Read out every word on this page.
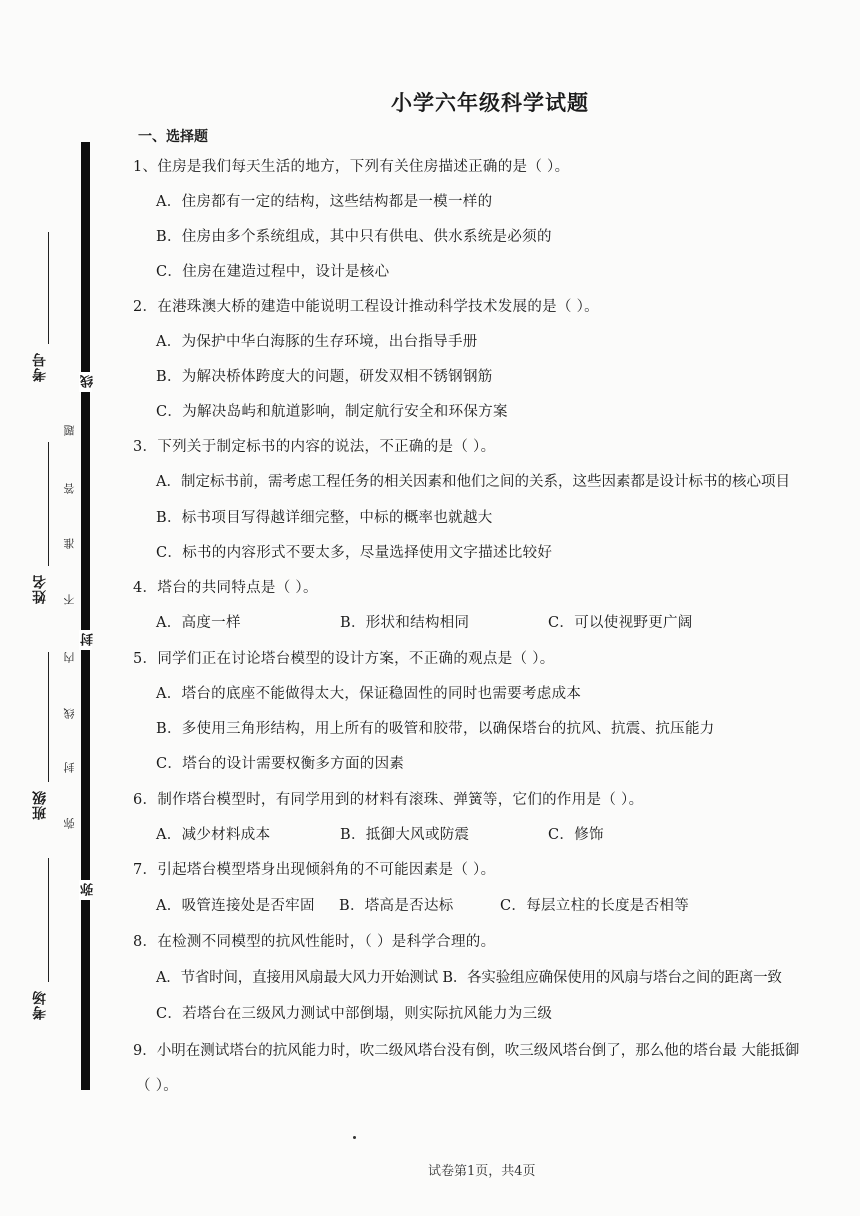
线
封
弥
考号
姓名
班级
考场
题
答
准
不
内
线
封
弥
小学六年级科学试题
一、选择题
1、住房是我们每天生活的地方，下列有关住房描述正确的是（ ）。
A．住房都有一定的结构，这些结构都是一模一样的
B．住房由多个系统组成，其中只有供电、供水系统是必须的
C．住房在建造过程中，设计是核心
2．在港珠澳大桥的建造中能说明工程设计推动科学技术发展的是（ ）。
A．为保护中华白海豚的生存环境，出台指导手册
B．为解决桥体跨度大的问题，研发双相不锈钢钢筋
C．为解决岛屿和航道影响，制定航行安全和环保方案
3．下列关于制定标书的内容的说法，不正确的是（ ）。
A．制定标书前，需考虑工程任务的相关因素和他们之间的关系，这些因素都是设计标书的核心项目
B．标书项目写得越详细完整，中标的概率也就越大
C．标书的内容形式不要太多，尽量选择使用文字描述比较好
4．塔台的共同特点是（ ）。
A．高度一样	B．形状和结构相同	C．可以使视野更广阔
5．同学们正在讨论塔台模型的设计方案，不正确的观点是（ ）。
A．塔台的底座不能做得太大，保证稳固性的同时也需要考虑成本
B．多使用三角形结构，用上所有的吸管和胶带，以确保塔台的抗风、抗震、抗压能力
C．塔台的设计需要权衡多方面的因素
6．制作塔台模型时，有同学用到的材料有滚珠、弹簧等，它们的作用是（ ）。
A．减少材料成本	B．抵御大风或防震	C．修饰
7．引起塔台模型塔身出现倾斜角的不可能因素是（ ）。
A．吸管连接处是否牢固 B．塔高是否达标	C．每层立柱的长度是否相等
8．在检测不同模型的抗风性能时，（ ）是科学合理的。
A．节省时间，直接用风扇最大风力开始测试 B．各实验组应确保使用的风扇与塔台之间的距离一致
C．若塔台在三级风力测试中部倒塌，则实际抗风能力为三级
9．小明在测试塔台的抗风能力时，吹二级风塔台没有倒，吹三级风塔台倒了，那么他的塔台最 大能抵御
（ ）。
试卷第1页，共4页
